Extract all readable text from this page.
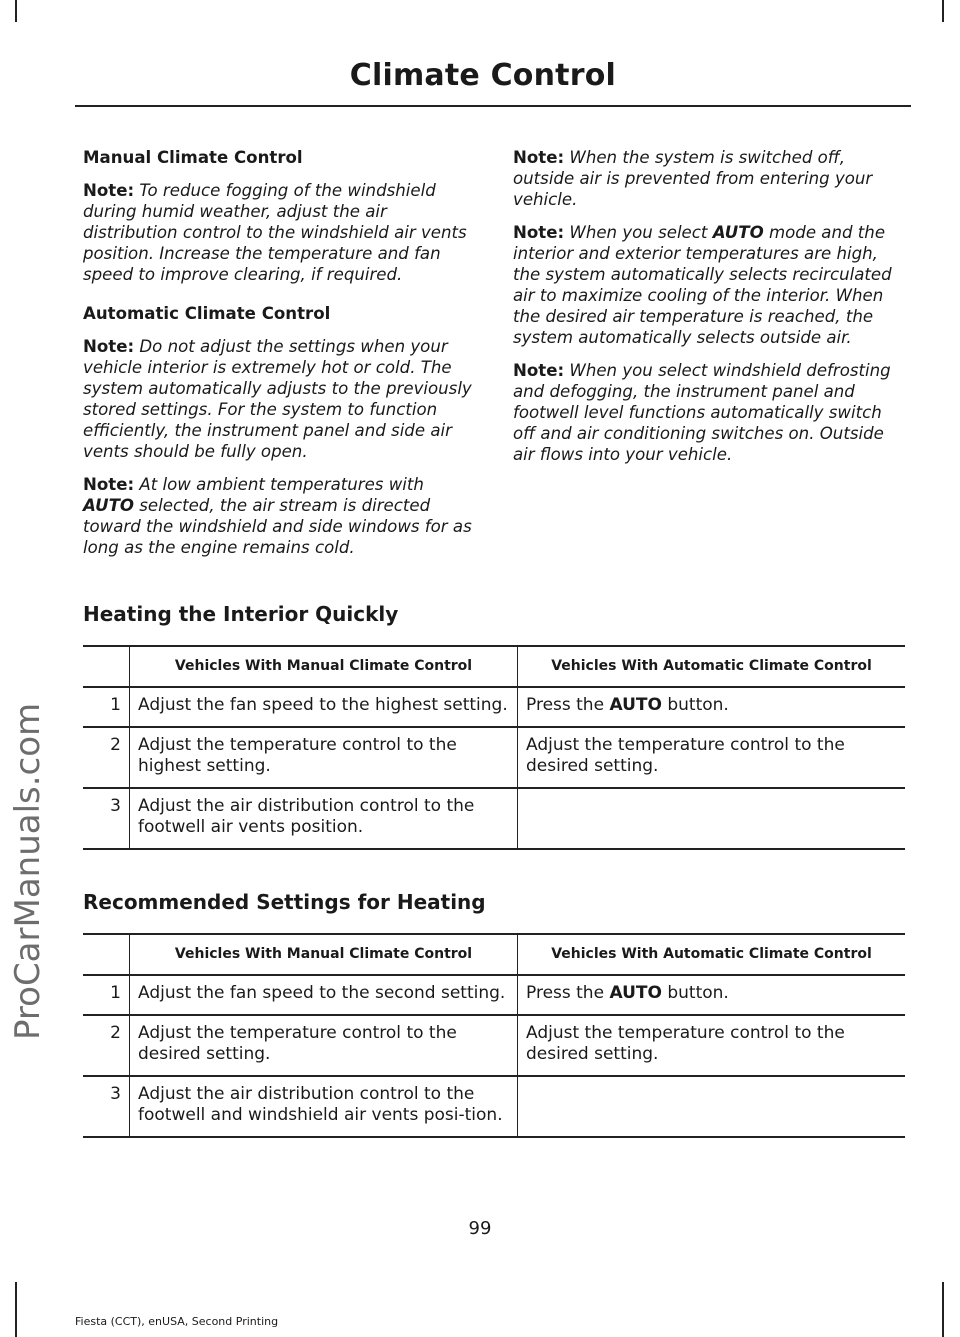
Climate Control
ProCarManuals.com
Manual Climate Control

Note: To reduce fogging of the windshield during humid weather, adjust the air distribution control to the windshield air vents position. Increase the temperature and fan speed to improve clearing, if required.

Automatic Climate Control

Note: Do not adjust the settings when your vehicle interior is extremely hot or cold. The system automatically adjusts to the previously stored settings. For the system to function efficiently, the instrument panel and side air vents should be fully open.

Note: At low ambient temperatures with AUTO selected, the air stream is directed toward the windshield and side windows for as long as the engine remains cold.

Note: When the system is switched off, outside air is prevented from entering your vehicle.

Note: When you select AUTO mode and the interior and exterior temperatures are high, the system automatically selects recirculated air to maximize cooling of the interior. When the desired air temperature is reached, the system automatically selects outside air.

Note: When you select windshield defrosting and defogging, the instrument panel and footwell level functions automatically switch off and air conditioning switches on. Outside air flows into your vehicle.

Heating the Interior Quickly
	Vehicles With Manual Climate Control	Vehicles With Automatic Climate Control
1	Adjust the fan speed to the highest setting.	Press the AUTO button.
2	Adjust the temperature control to the highest setting.	Adjust the temperature control to the desired setting.
3	Adjust the air distribution control to the footwell air vents position.	
Recommended Settings for Heating
	Vehicles With Manual Climate Control	Vehicles With Automatic Climate Control
1	Adjust the fan speed to the second setting.	Press the AUTO button.
2	Adjust the temperature control to the desired setting.	Adjust the temperature control to the desired setting.
3	Adjust the air distribution control to the footwell and windshield air vents posi-tion.	
99
Fiesta (CCT), enUSA, Second Printing
